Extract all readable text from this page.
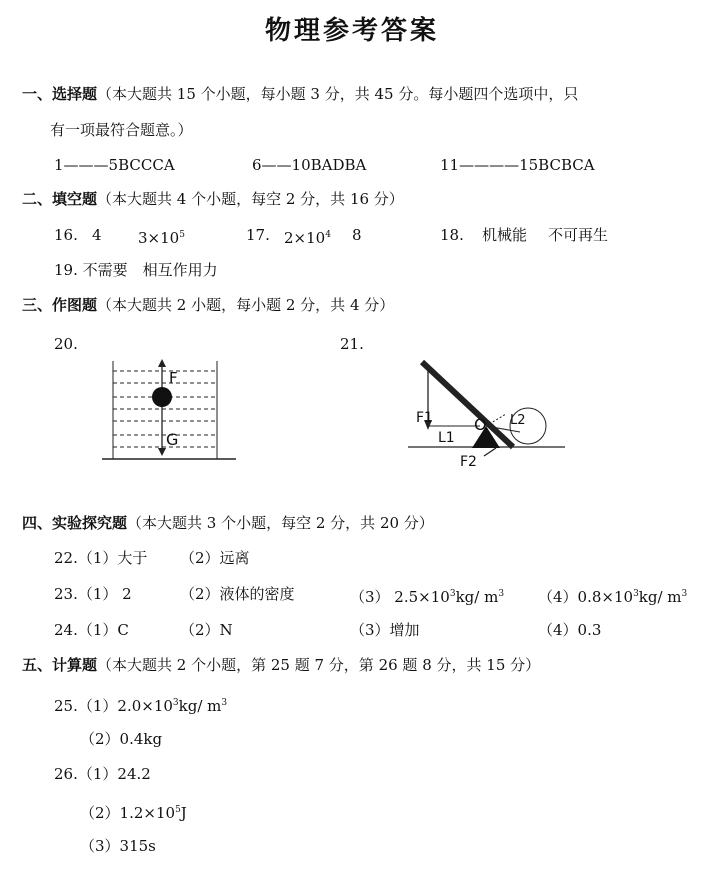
物理参考答案
一、选择题（本大题共 15 个小题，每小题 3 分，共 45 分。每小题四个选项中，只
有一项最符合题意。）
1———5BCCCA	6——10BADBA	11————15BCBCA
二、填空题（本大题共 4 个小题，每空 2 分，共 16 分）
16. 4 $3\times 10^5$	17. $2\times 10^4$ 8	18. 机械能 不可再生
19. 不需要　相互作用力
三、作图题（本大题共 2 小题，每小题 2 分，共 4 分）
20.	21.
F
G
F1
L1
O L2
F2
四、实验探究题（本大题共 3 个小题，每空 2 分，共 20 分）
22.（1）大于 （2）远离
23.（1） 2	（2）液体的密度	（3） $2.5\times 10^3kg/$ $m^3$ $(4)0.8\times 10^3kg/$ $m^3$
24.（1）C	（2）N	（3）增加	（4）0.3
五、计算题（本大题共 2 个小题，第 25 题 7 分，第 26 题 8 分，共 15 分）
$25.(1)2.0\times 10^3kg/$ $m^3$
（2）0.4kg
26.（1）24.2
$(2)1.2\times 10^5J$
（3）315s
